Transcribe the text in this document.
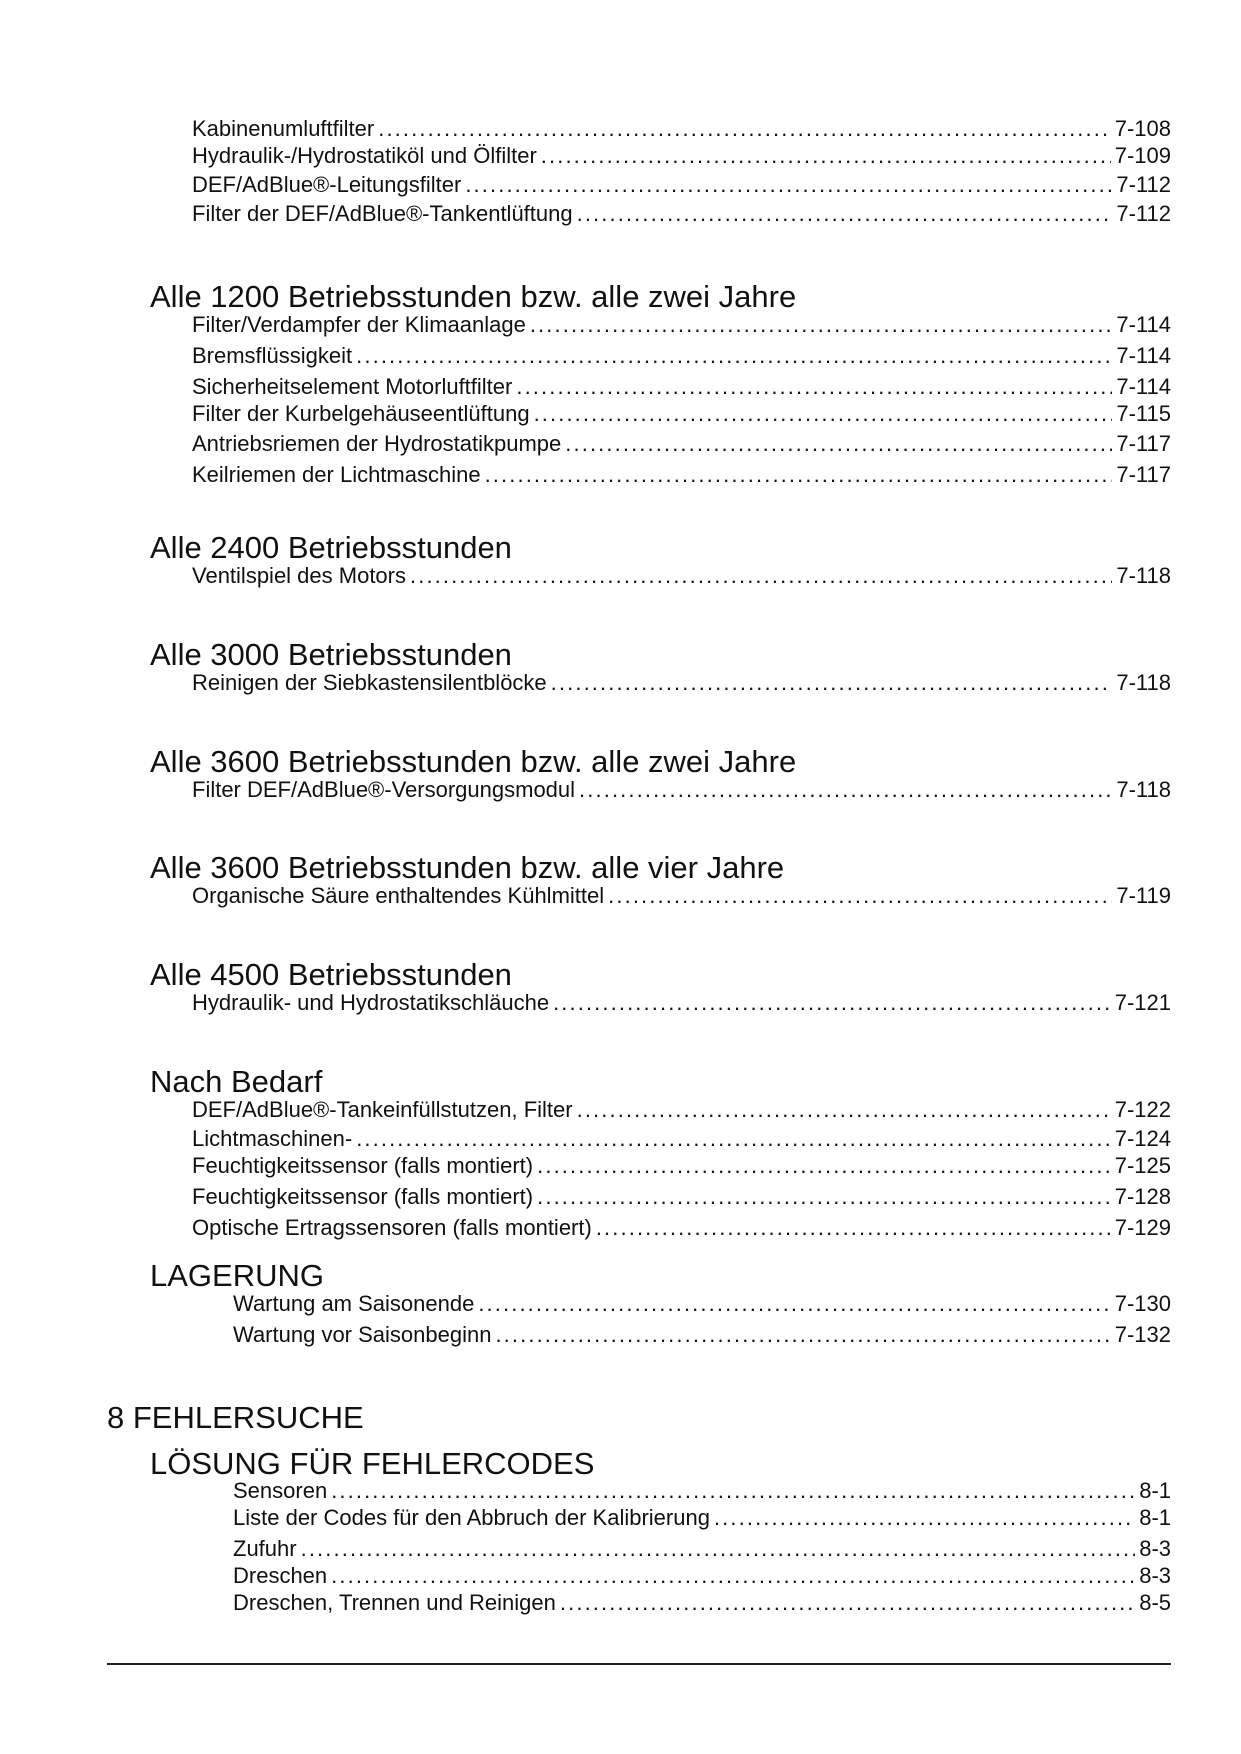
Kabinenumluftfilter . . .	7-108
Hydraulik-/Hydrostatiköl und Ölfilter . . .	7-109
DEF/AdBlue®-Leitungsfilter . . .	7-112
Filter der DEF/AdBlue®-Tankentlüftung . . .	7-112
Alle 1200 Betriebsstunden bzw. alle zwei Jahre
Filter/Verdampfer der Klimaanlage . . .	7-114
Bremsflüssigkeit . . .	7-114
Sicherheitselement Motorluftfilter . . .	7-114
Filter der Kurbelgehäuseentlüftung . . .	7-115
Antriebsriemen der Hydrostatikpumpe . . .	7-117
Keilriemen der Lichtmaschine . . .	7-117
Alle 2400 Betriebsstunden
Ventilspiel des Motors . . .	7-118
Alle 3000 Betriebsstunden
Reinigen der Siebkastensilentblöcke . . .	7-118
Alle 3600 Betriebsstunden bzw. alle zwei Jahre
Filter DEF/AdBlue®-Versorgungsmodul . . .	7-118
Alle 3600 Betriebsstunden bzw. alle vier Jahre
Organische Säure enthaltendes Kühlmittel . . .	7-119
Alle 4500 Betriebsstunden
Hydraulik- und Hydrostatikschläuche . . .	7-121
Nach Bedarf
DEF/AdBlue®-Tankeinfüllstutzen, Filter . . .	7-122
Lichtmaschinen- . . .	7-124
Feuchtigkeitssensor (falls montiert) . . .	7-125
Feuchtigkeitssensor (falls montiert) . . .	7-128
Optische Ertragssensoren (falls montiert) . . .	7-129
LAGERUNG
Wartung am Saisonende . . .	7-130
Wartung vor Saisonbeginn . . .	7-132
8 FEHLERSUCHE
LÖSUNG FÜR FEHLERCODES
Sensoren . . .	8-1
Liste der Codes für den Abbruch der Kalibrierung . . .	8-1
Zufuhr . . .	8-3
Dreschen . . .	8-3
Dreschen, Trennen und Reinigen . . .	8-5
